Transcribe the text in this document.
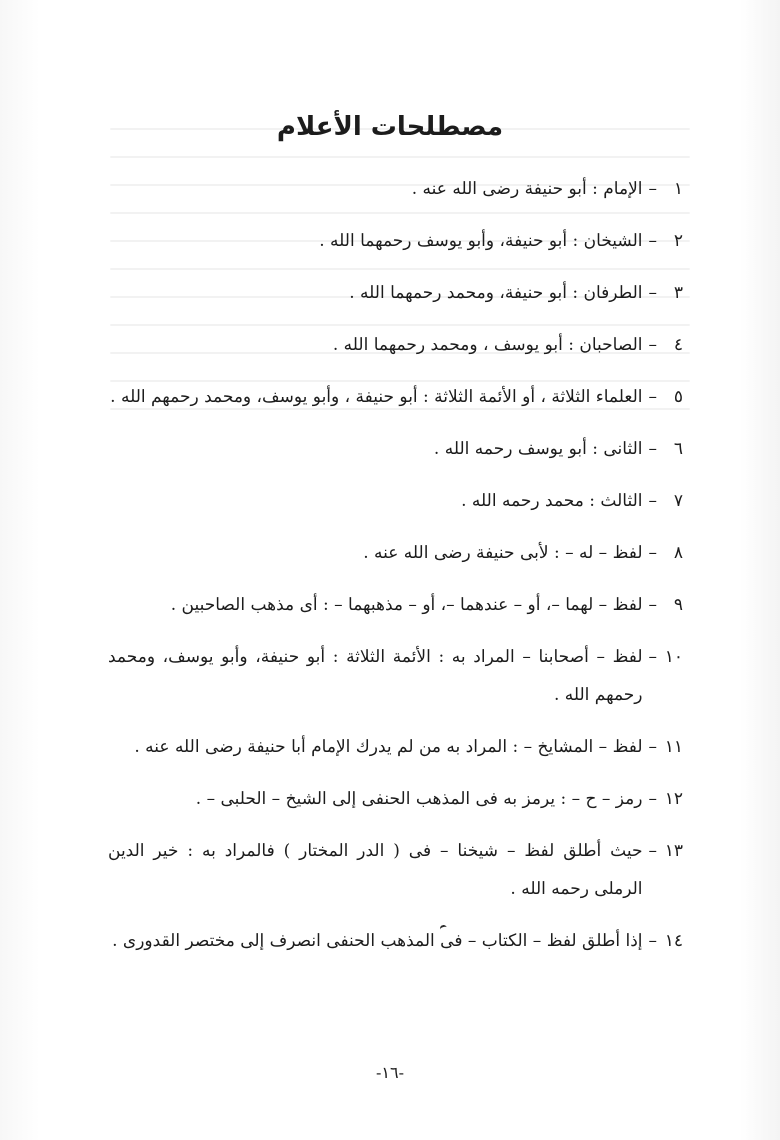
مصطلحات الأعلام
١
–
الإمام : أبو حنيفة رضى الله عنه .
٢
–
الشيخان : أبو حنيفة، وأبو يوسف رحمهما الله .
٣
–
الطرفان : أبو حنيفة، ومحمد رحمهما الله .
٤
–
الصاحبان : أبو يوسف ، ومحمد رحمهما الله .
٥
–
العلماء الثلاثة ، أو الأئمة الثلاثة : أبو حنيفة ، وأبو يوسف، ومحمد رحمهم الله .
٦
–
الثانى : أبو يوسف رحمه الله .
٧
–
الثالث : محمد رحمه الله .
٨
–
لفظ – له – : لأبى حنيفة رضى الله عنه .
٩
–
لفظ – لهما –، أو – عندهما –، أو – مذهبهما – : أى مذهب الصاحبين .
١٠
–
لفظ – أصحابنا – المراد به : الأئمة الثلاثة : أبو حنيفة، وأبو يوسف، ومحمد رحمهم الله .
١١
–
لفظ – المشايخ – : المراد به من لم يدرك الإمام أبا حنيفة رضى الله عنه .
١٢
–
رمز – ح – : يرمز به فى المذهب الحنفى إلى الشيخ – الحلبى – .
١٣
–
حيث أطلق لفظ – شيخنا – فى ( الدر المختار ) فالمراد به : خير الدين الرملى رحمه الله .
١٤
–
إذا أطلق لفظ – الكتاب – فى المذهب الحنفى انصرف إلى مختصر القدورى .
-١٦-
